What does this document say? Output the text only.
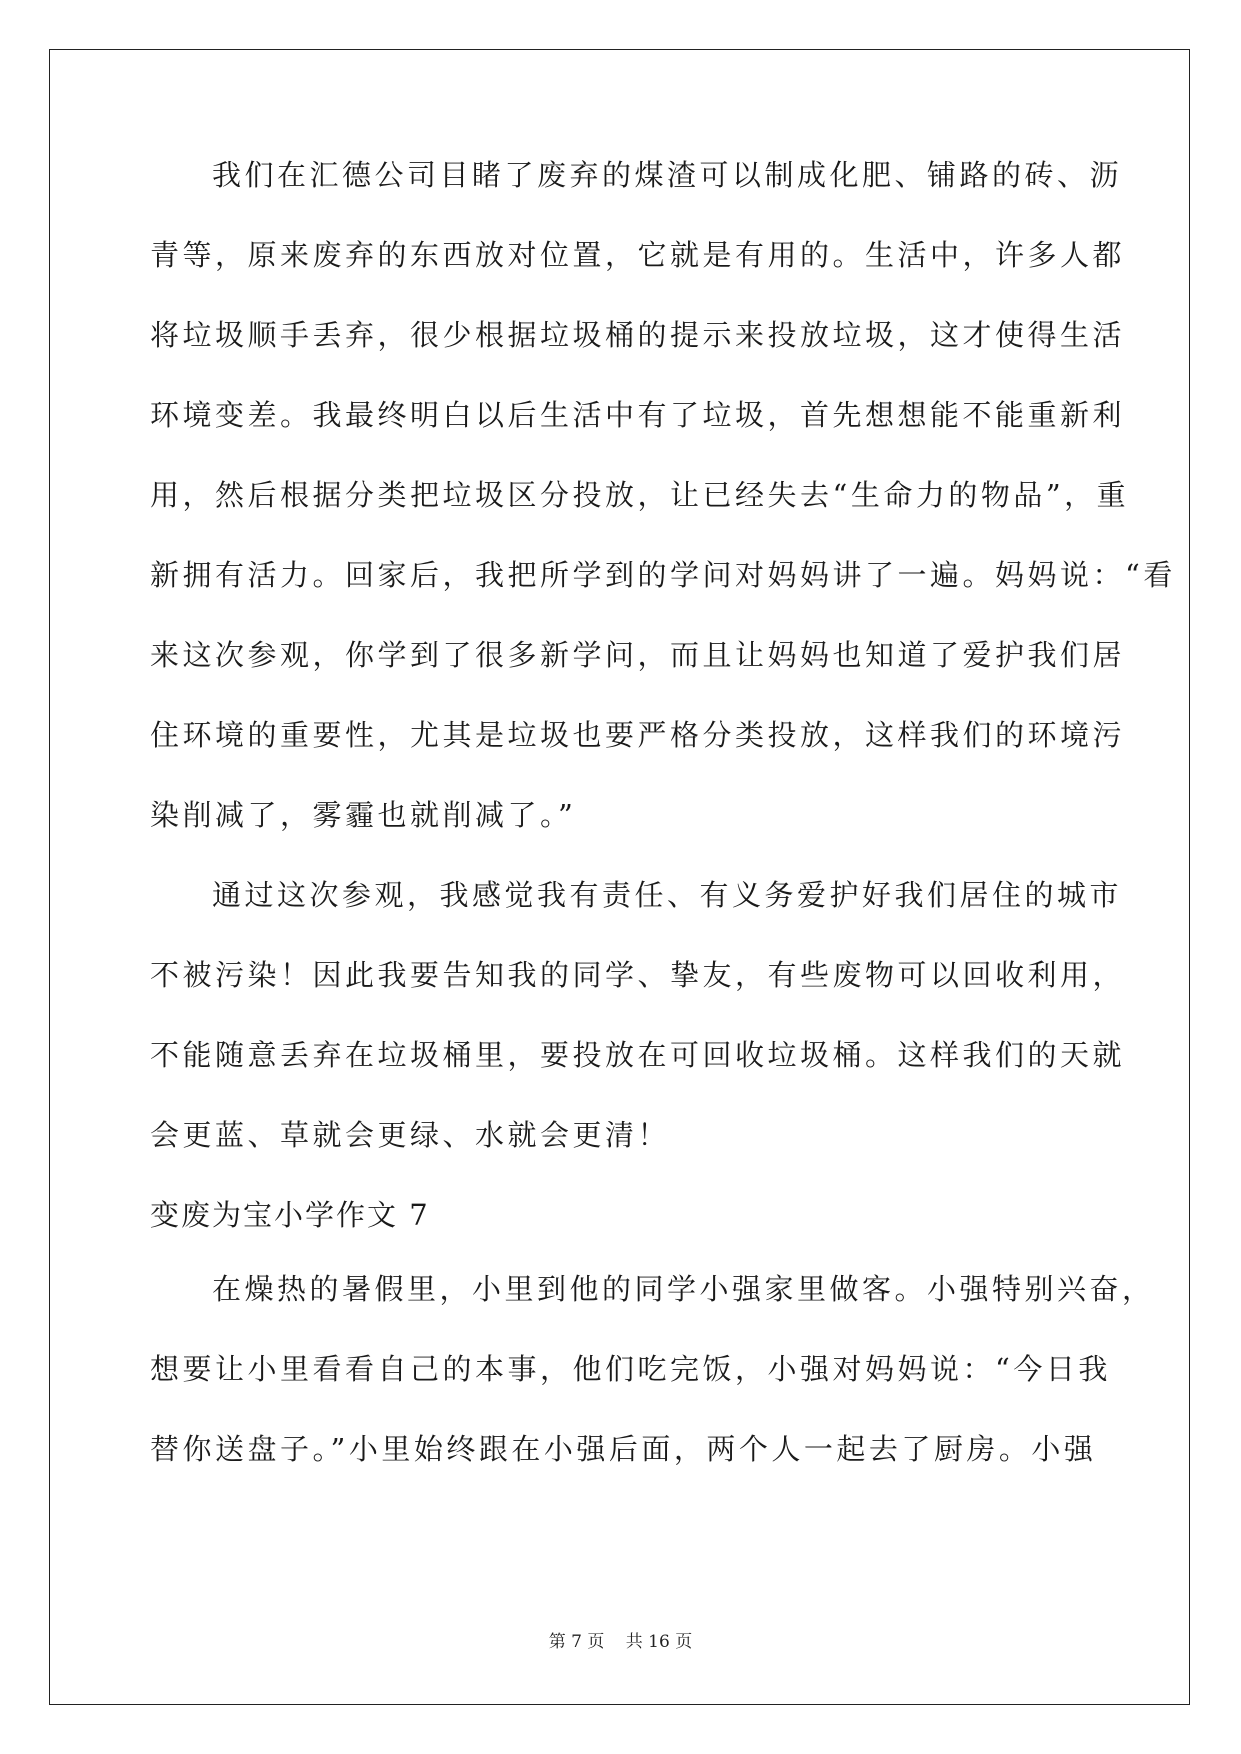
我们在汇德公司目睹了废弃的煤渣可以制成化肥、铺路的砖、沥
青等，原来废弃的东西放对位置，它就是有用的。生活中，许多人都
将垃圾顺手丢弃，很少根据垃圾桶的提示来投放垃圾，这才使得生活
环境变差。我最终明白以后生活中有了垃圾，首先想想能不能重新利
用，然后根据分类把垃圾区分投放，让已经失去“生命力的物品”，重
新拥有活力。回家后，我把所学到的学问对妈妈讲了一遍。妈妈说：“看
来这次参观，你学到了很多新学问，而且让妈妈也知道了爱护我们居
住环境的重要性，尤其是垃圾也要严格分类投放，这样我们的环境污
染削减了，雾霾也就削减了。”
通过这次参观，我感觉我有责任、有义务爱护好我们居住的城市
不被污染！因此我要告知我的同学、挚友，有些废物可以回收利用，
不能随意丢弃在垃圾桶里，要投放在可回收垃圾桶。这样我们的天就
会更蓝、草就会更绿、水就会更清！
变废为宝小学作文 7
在燥热的暑假里，小里到他的同学小强家里做客。小强特别兴奋，
想要让小里看看自己的本事，他们吃完饭，小强对妈妈说：“今日我
替你送盘子。”小里始终跟在小强后面，两个人一起去了厨房。小强
第 7 页 共 16 页
